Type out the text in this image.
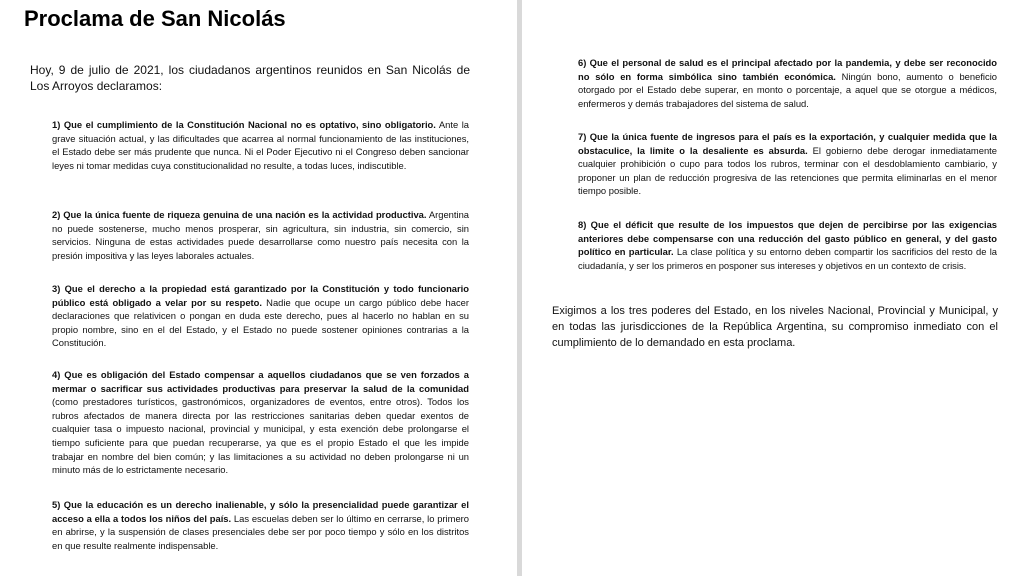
Proclama de San Nicolás

Hoy, 9 de julio de 2021, los ciudadanos argentinos reunidos en San Nicolás de Los Arroyos declaramos:

1) Que el cumplimiento de la Constitución Nacional no es optativo, sino obligatorio. Ante la grave situación actual, y las dificultades que acarrea al normal funcionamiento de las instituciones, el Estado debe ser más prudente que nunca. Ni el Poder Ejecutivo ni el Congreso deben sancionar leyes ni tomar medidas cuya constitucionalidad no resulte, a todas luces, indiscutible.

2) Que la única fuente de riqueza genuina de una nación es la actividad productiva. Argentina no puede sostenerse, mucho menos prosperar, sin agricultura, sin industria, sin comercio, sin servicios. Ninguna de estas actividades puede desarrollarse como nuestro país necesita con la presión impositiva y las leyes laborales actuales.

3) Que el derecho a la propiedad está garantizado por la Constitución y todo funcionario público está obligado a velar por su respeto. Nadie que ocupe un cargo público debe hacer declaraciones que relativicen o pongan en duda este derecho, pues al hacerlo no hablan en su propio nombre, sino en el del Estado, y el Estado no puede sostener opiniones contrarias a la Constitución.

4) Que es obligación del Estado compensar a aquellos ciudadanos que se ven forzados a mermar o sacrificar sus actividades productivas para preservar la salud de la comunidad (como prestadores turísticos, gastronómicos, organizadores de eventos, entre otros). Todos los rubros afectados de manera directa por las restricciones sanitarias deben quedar exentos de cualquier tasa o impuesto nacional, provincial y municipal, y esta exención debe prolongarse el tiempo suficiente para que puedan recuperarse, ya que es el propio Estado el que les impide trabajar en nombre del bien común; y las limitaciones a su actividad no deben prolongarse ni un minuto más de lo estrictamente necesario.

5) Que la educación es un derecho inalienable, y sólo la presencialidad puede garantizar el acceso a ella a todos los niños del país. Las escuelas deben ser lo último en cerrarse, lo primero en abrirse, y la suspensión de clases presenciales debe ser por poco tiempo y sólo en los distritos en que resulte realmente indispensable.

6) Que el personal de salud es el principal afectado por la pandemia, y debe ser reconocido no sólo en forma simbólica sino también económica. Ningún bono, aumento o beneficio otorgado por el Estado debe superar, en monto o porcentaje, a aquel que se otorgue a médicos, enfermeros y demás trabajadores del sistema de salud.

7) Que la única fuente de ingresos para el país es la exportación, y cualquier medida que la obstaculice, la limite o la desaliente es absurda. El gobierno debe derogar inmediatamente cualquier prohibición o cupo para todos los rubros, terminar con el desdoblamiento cambiario, y proponer un plan de reducción progresiva de las retenciones que permita eliminarlas en el menor tiempo posible.

8) Que el déficit que resulte de los impuestos que dejen de percibirse por las exigencias anteriores debe compensarse con una reducción del gasto público en general, y del gasto político en particular. La clase política y su entorno deben compartir los sacrificios del resto de la ciudadanía, y ser los primeros en posponer sus intereses y objetivos en un contexto de crisis.

Exigimos a los tres poderes del Estado, en los niveles Nacional, Provincial y Municipal, y en todas las jurisdicciones de la República Argentina, su compromiso inmediato con el cumplimiento de lo demandado en esta proclama.
